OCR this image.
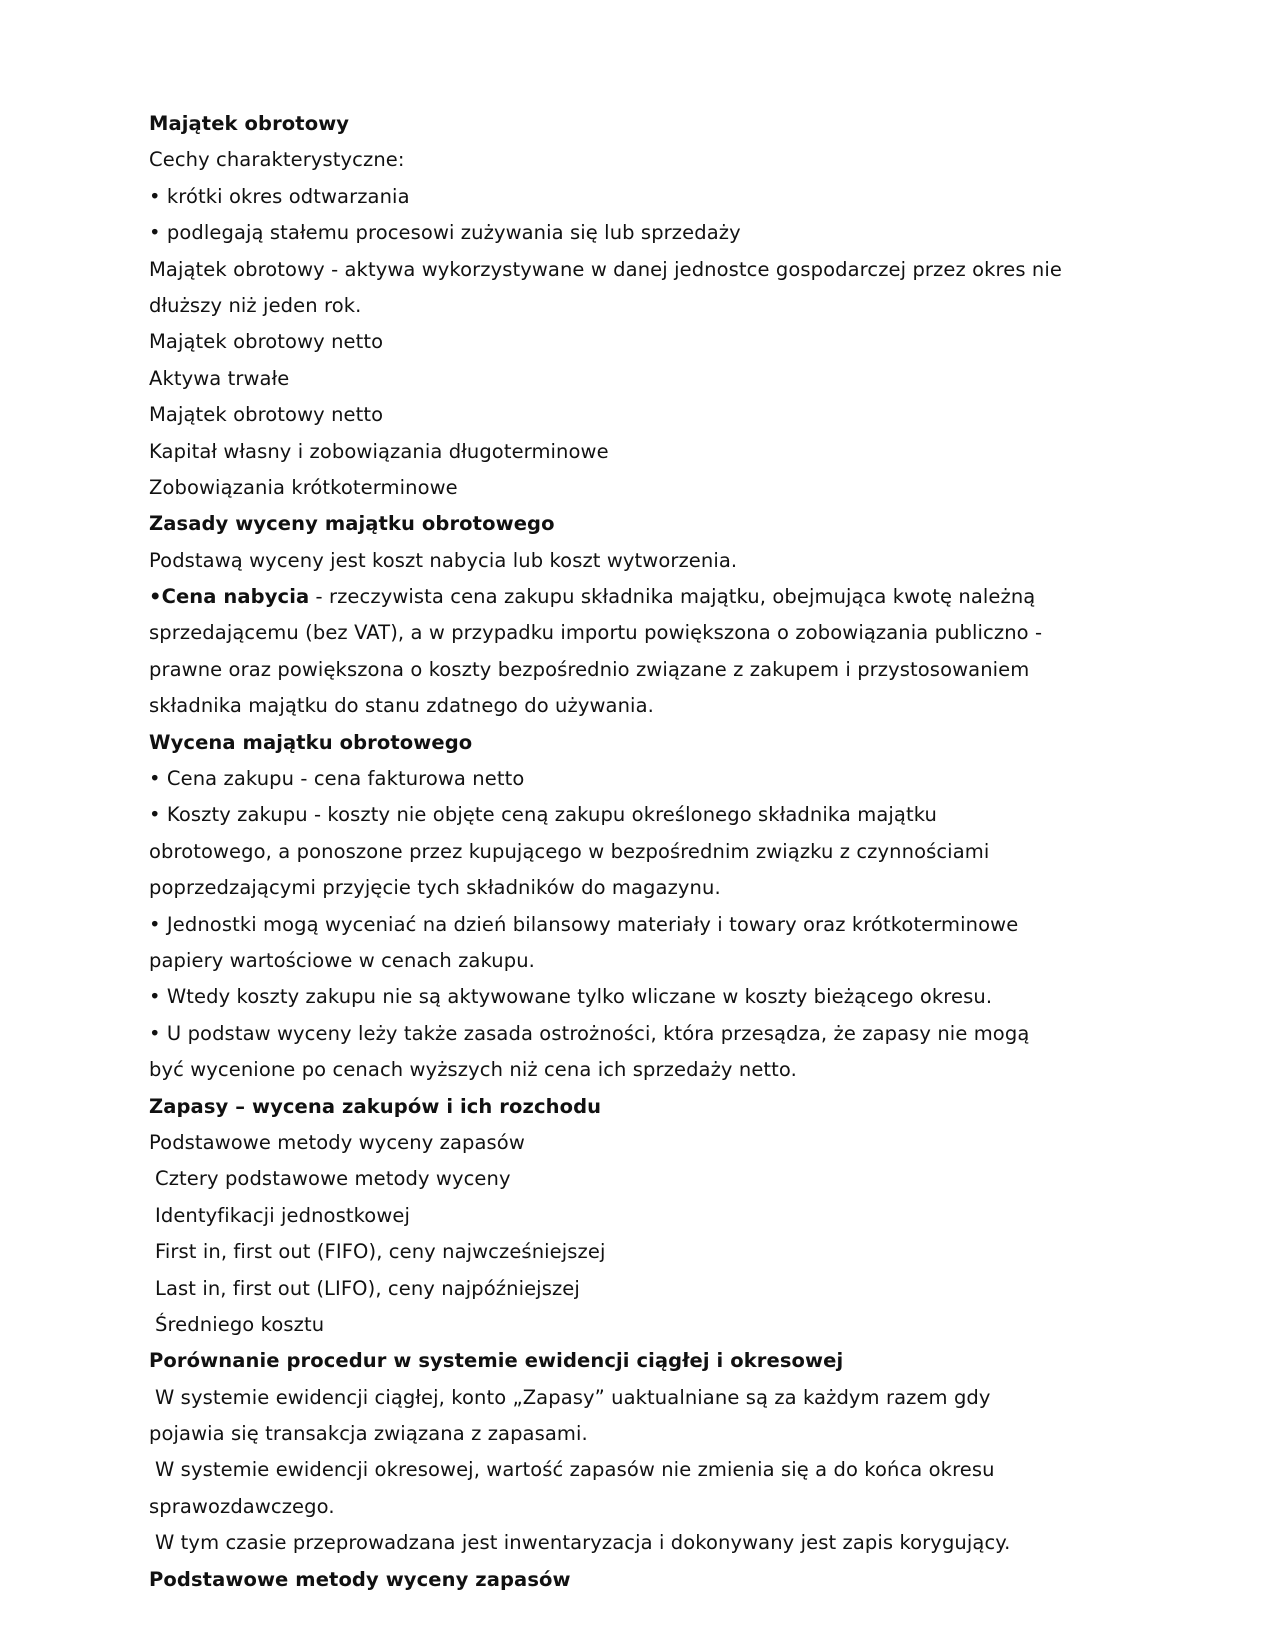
Majątek obrotowy
Cechy charakterystyczne:
• krótki okres odtwarzania
• podlegają stałemu procesowi zużywania się lub sprzedaży
Majątek obrotowy - aktywa wykorzystywane w danej jednostce gospodarczej przez okres nie
dłuższy niż jeden rok.
Majątek obrotowy netto
Aktywa trwałe
Majątek obrotowy netto
Kapitał własny i zobowiązania długoterminowe
Zobowiązania krótkoterminowe
Zasady wyceny majątku obrotowego
Podstawą wyceny jest koszt nabycia lub koszt wytworzenia.
•Cena nabycia - rzeczywista cena zakupu składnika majątku, obejmująca kwotę należną
sprzedającemu (bez VAT), a w przypadku importu powiększona o zobowiązania publiczno -
prawne oraz powiększona o koszty bezpośrednio związane z zakupem i przystosowaniem
składnika majątku do stanu zdatnego do używania.
Wycena majątku obrotowego
• Cena zakupu - cena fakturowa netto
• Koszty zakupu - koszty nie objęte ceną zakupu określonego składnika majątku
obrotowego, a ponoszone przez kupującego w bezpośrednim związku z czynnościami
poprzedzającymi przyjęcie tych składników do magazynu.
• Jednostki mogą wyceniać na dzień bilansowy materiały i towary oraz krótkoterminowe
papiery wartościowe w cenach zakupu.
• Wtedy koszty zakupu nie są aktywowane tylko wliczane w koszty bieżącego okresu.
• U podstaw wyceny leży także zasada ostrożności, która przesądza, że zapasy nie mogą
być wycenione po cenach wyższych niż cena ich sprzedaży netto.
Zapasy – wycena zakupów i ich rozchodu
Podstawowe metody wyceny zapasów
Cztery podstawowe metody wyceny
Identyfikacji jednostkowej
First in, first out (FIFO), ceny najwcześniejszej
Last in, first out (LIFO), ceny najpóźniejszej
Średniego kosztu
Porównanie procedur w systemie ewidencji ciągłej i okresowej
W systemie ewidencji ciągłej, konto „Zapasy” uaktualniane są za każdym razem gdy
pojawia się transakcja związana z zapasami.
W systemie ewidencji okresowej, wartość zapasów nie zmienia się a do końca okresu
sprawozdawczego.
W tym czasie przeprowadzana jest inwentaryzacja i dokonywany jest zapis korygujący.
Podstawowe metody wyceny zapasów
